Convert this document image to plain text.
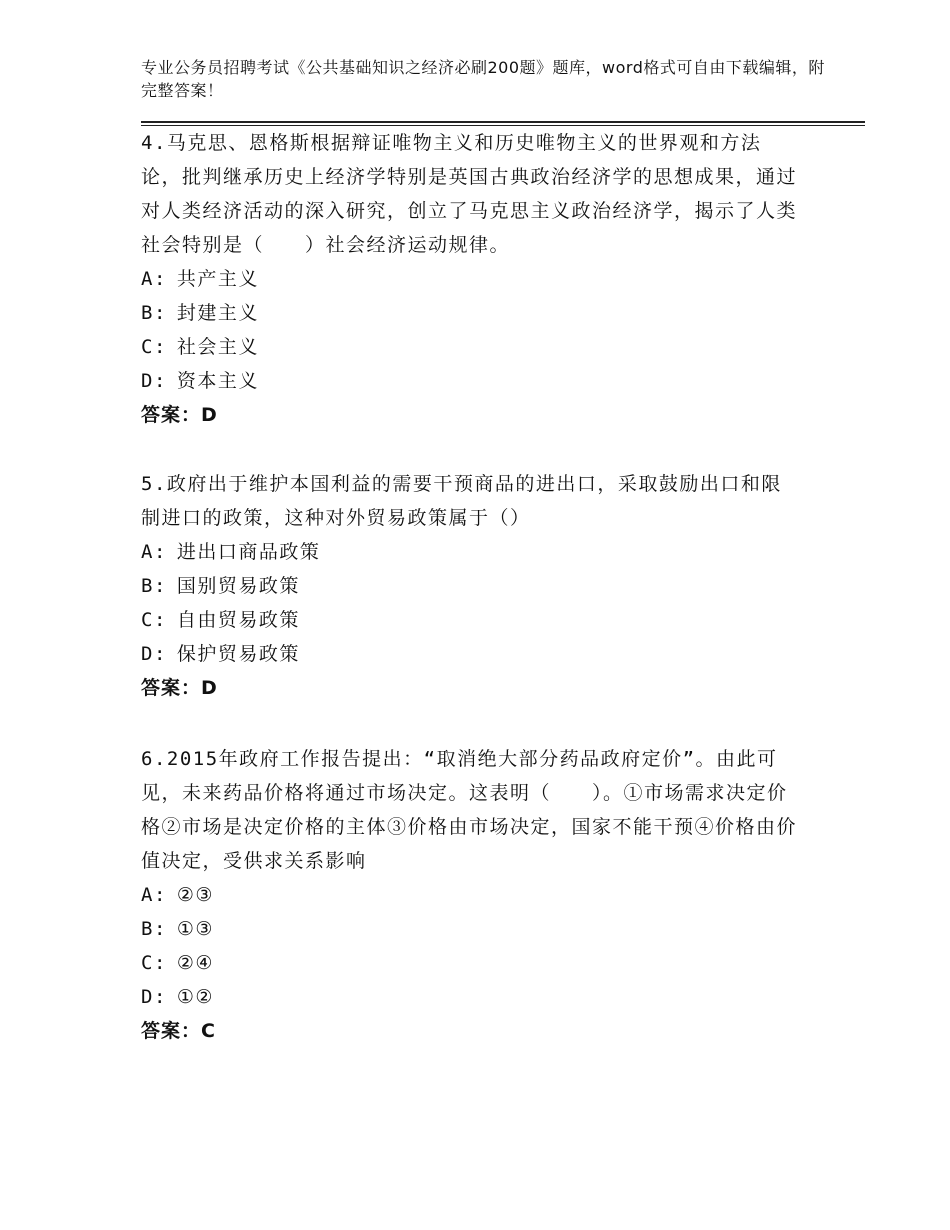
专业公务员招聘考试《公共基础知识之经济必刷200题》题库，word格式可自由下载编辑，附完整答案！

4.马克思、恩格斯根据辩证唯物主义和历史唯物主义的世界观和方法论，批判继承历史上经济学特别是英国古典政治经济学的思想成果，通过对人类经济活动的深入研究，创立了马克思主义政治经济学，揭示了人类社会特别是（　　）社会经济运动规律。

A: 共产主义

B: 封建主义

C: 社会主义

D: 资本主义

答案：D

5.政府出于维护本国利益的需要干预商品的进出口，采取鼓励出口和限制进口的政策，这种对外贸易政策属于（）

A: 进出口商品政策

B: 国别贸易政策

C: 自由贸易政策

D: 保护贸易政策

答案：D

6.2015年政府工作报告提出：“取消绝大部分药品政府定价”。由此可见，未来药品价格将通过市场决定。这表明（　　）。①市场需求决定价格②市场是决定价格的主体③价格由市场决定，国家不能干预④价格由价值决定，受供求关系影响

A: ②③

B: ①③

C: ②④

D: ①②

答案：C
